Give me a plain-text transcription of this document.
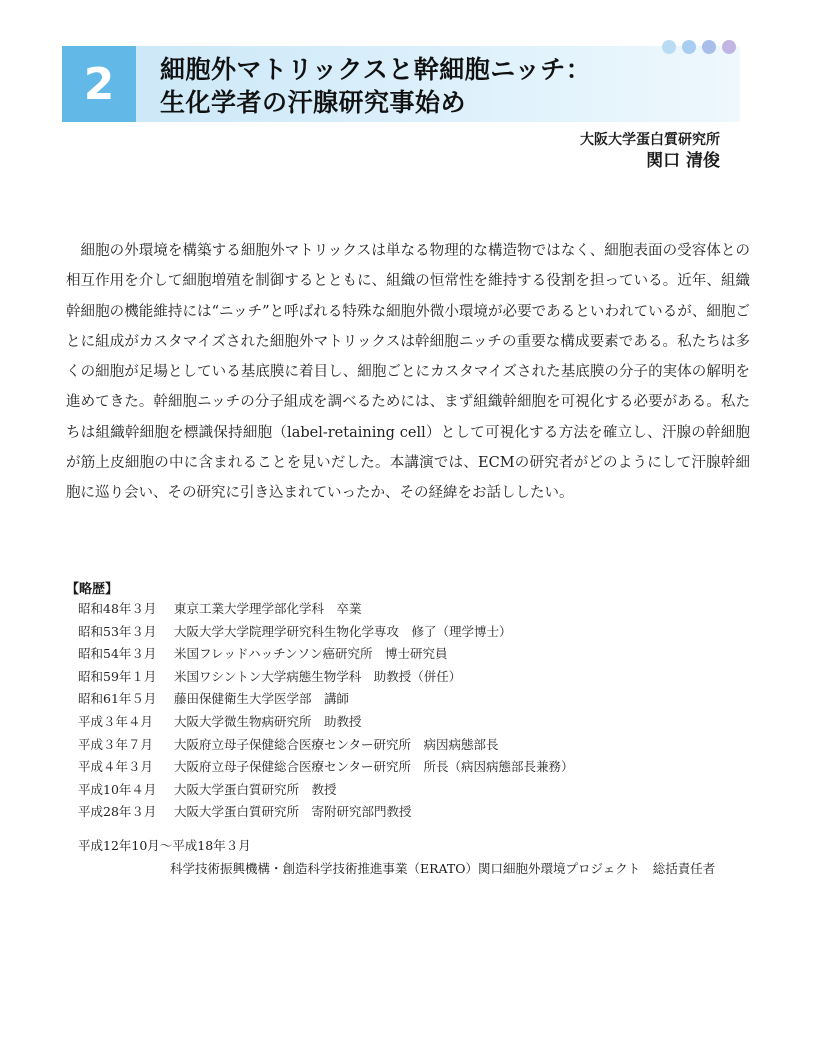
2	細胞外マトリックスと幹細胞ニッチ：
生化学者の汗腺研究事始め
大阪大学蛋白質研究所
関口 清俊
細胞の外環境を構築する細胞外マトリックスは単なる物理的な構造物ではなく、細胞表面の受容体との相互作用を介して細胞増殖を制御するとともに、組織の恒常性を維持する役割を担っている。近年、組織幹細胞の機能維持には“ニッチ”と呼ばれる特殊な細胞外微小環境が必要であるといわれているが、細胞ごとに組成がカスタマイズされた細胞外マトリックスは幹細胞ニッチの重要な構成要素である。私たちは多くの細胞が足場としている基底膜に着目し、細胞ごとにカスタマイズされた基底膜の分子的実体の解明を進めてきた。幹細胞ニッチの分子組成を調べるためには、まず組織幹細胞を可視化する必要がある。私たちは組織幹細胞を標識保持細胞（label-retaining cell）として可視化する方法を確立し、汗腺の幹細胞が筋上皮細胞の中に含まれることを見いだした。本講演では、ECMの研究者がどのようにして汗腺幹細胞に巡り会い、その研究に引き込まれていったか、その経緯をお話ししたい。
【略歴】
昭和48年３月	東京工業大学理学部化学科　卒業
昭和53年３月	大阪大学大学院理学研究科生物化学専攻　修了（理学博士）
昭和54年３月	米国フレッドハッチンソン癌研究所　博士研究員
昭和59年１月	米国ワシントン大学病態生物学科　助教授（併任）
昭和61年５月	藤田保健衛生大学医学部　講師
平成３年４月	大阪大学微生物病研究所　助教授
平成３年７月	大阪府立母子保健総合医療センター研究所　病因病態部長
平成４年３月	大阪府立母子保健総合医療センター研究所　所長（病因病態部長兼務）
平成10年４月	大阪大学蛋白質研究所　教授
平成28年３月	大阪大学蛋白質研究所　寄附研究部門教授
平成12年10月～平成18年３月
科学技術振興機構・創造科学技術推進事業（ERATO）関口細胞外環境プロジェクト　総括責任者
